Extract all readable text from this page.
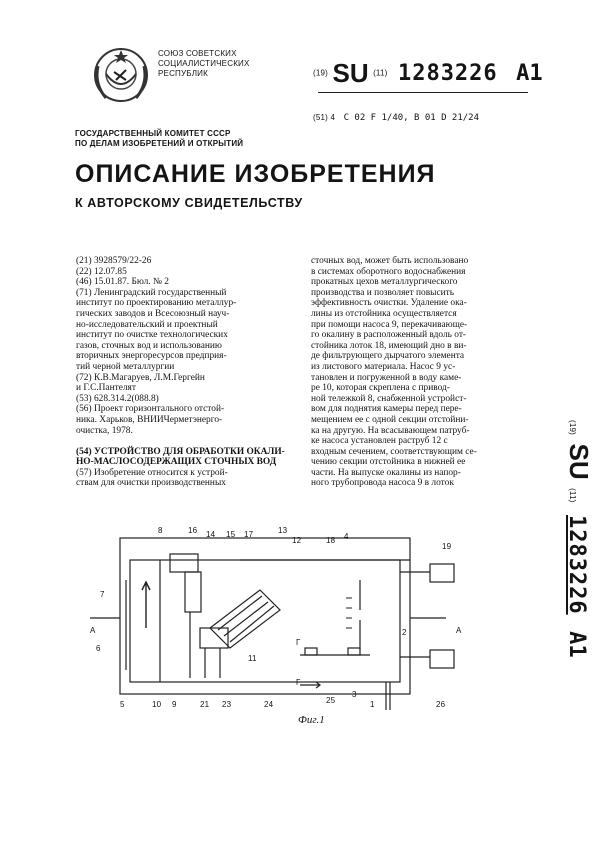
СОЮЗ СОВЕТСКИХ
СОЦИАЛИСТИЧЕСКИХ
РЕСПУБЛИК	(19) SU (11) 1283226 A1
(51) 4 C 02 F 1/40, B 01 D 21/24
ГОСУДАРСТВЕННЫЙ КОМИТЕТ СССР
ПО ДЕЛАМ ИЗОБРЕТЕНИЙ И ОТКРЫТИЙ
ОПИСАНИЕ ИЗОБРЕТЕНИЯ
К АВТОРСКОМУ СВИДЕТЕЛЬСТВУ
(21) 3928579/22-26
(22) 12.07.85
(46) 15.01.87. Бюл. № 2
(71) Ленинградский государственный
институт по проектированию металлур-
гических заводов и Всесоюзный науч-
но-исследовательский и проектный
институт по очистке технологических
газов, сточных вод и использованию
вторичных энергоресурсов предприя-
тий черной металлургии
(72) К.В.Магаруев, Л.М.Гергейн
и Г.С.Пантелят
(53) 628.314.2(088.8)
(56) Проект горизонтального отстой-
ника. Харьков, ВНИИЧерметэнерго-
очистка, 1978.
(54) УСТРОЙСТВО ДЛЯ ОБРАБОТКИ ОКАЛИ-
НО-МАСЛОСОДЕРЖАЩИХ СТОЧНЫХ ВОД
(57) Изобретение относится к устрой-
ствам для очистки производственных
сточных вод, может быть использовано
в системах оборотного водоснабжения
прокатных цехов металлургического
производства и позволяет повысить
эффективность очистки. Удаление ока-
лины из отстойника осуществляется
при помощи насоса 9, перекачивающе-
го окалину в расположенный вдоль от-
стойника лоток 18, имеющий дно в ви-
де фильтрующего дырчатого элемента
из листового материала. Насос 9 ус-
тановлен и погруженной в воду каме-
ре 10, которая скреплена с привод-
ной тележкой 8, снабженной устройст-
вом для поднятия камеры перед пере-
мещением ее с одной секции отстойни-
ка на другую. На всасывающем патруб-
ке насоса установлен раструб 12 с
входным сечением, соответствующим се-
чению секции отстойника в нижней ее
части. На выпуске окалины из напор-
ного трубопровода насоса 9 в лоток
(19) SU (11) 1283226 A1
8	16 14 15 17	13
12	18 4
19
7
6
11
Г
Г
2
5	10 9	21 23	24	25
3
1	26
А	А
Фиг.1
